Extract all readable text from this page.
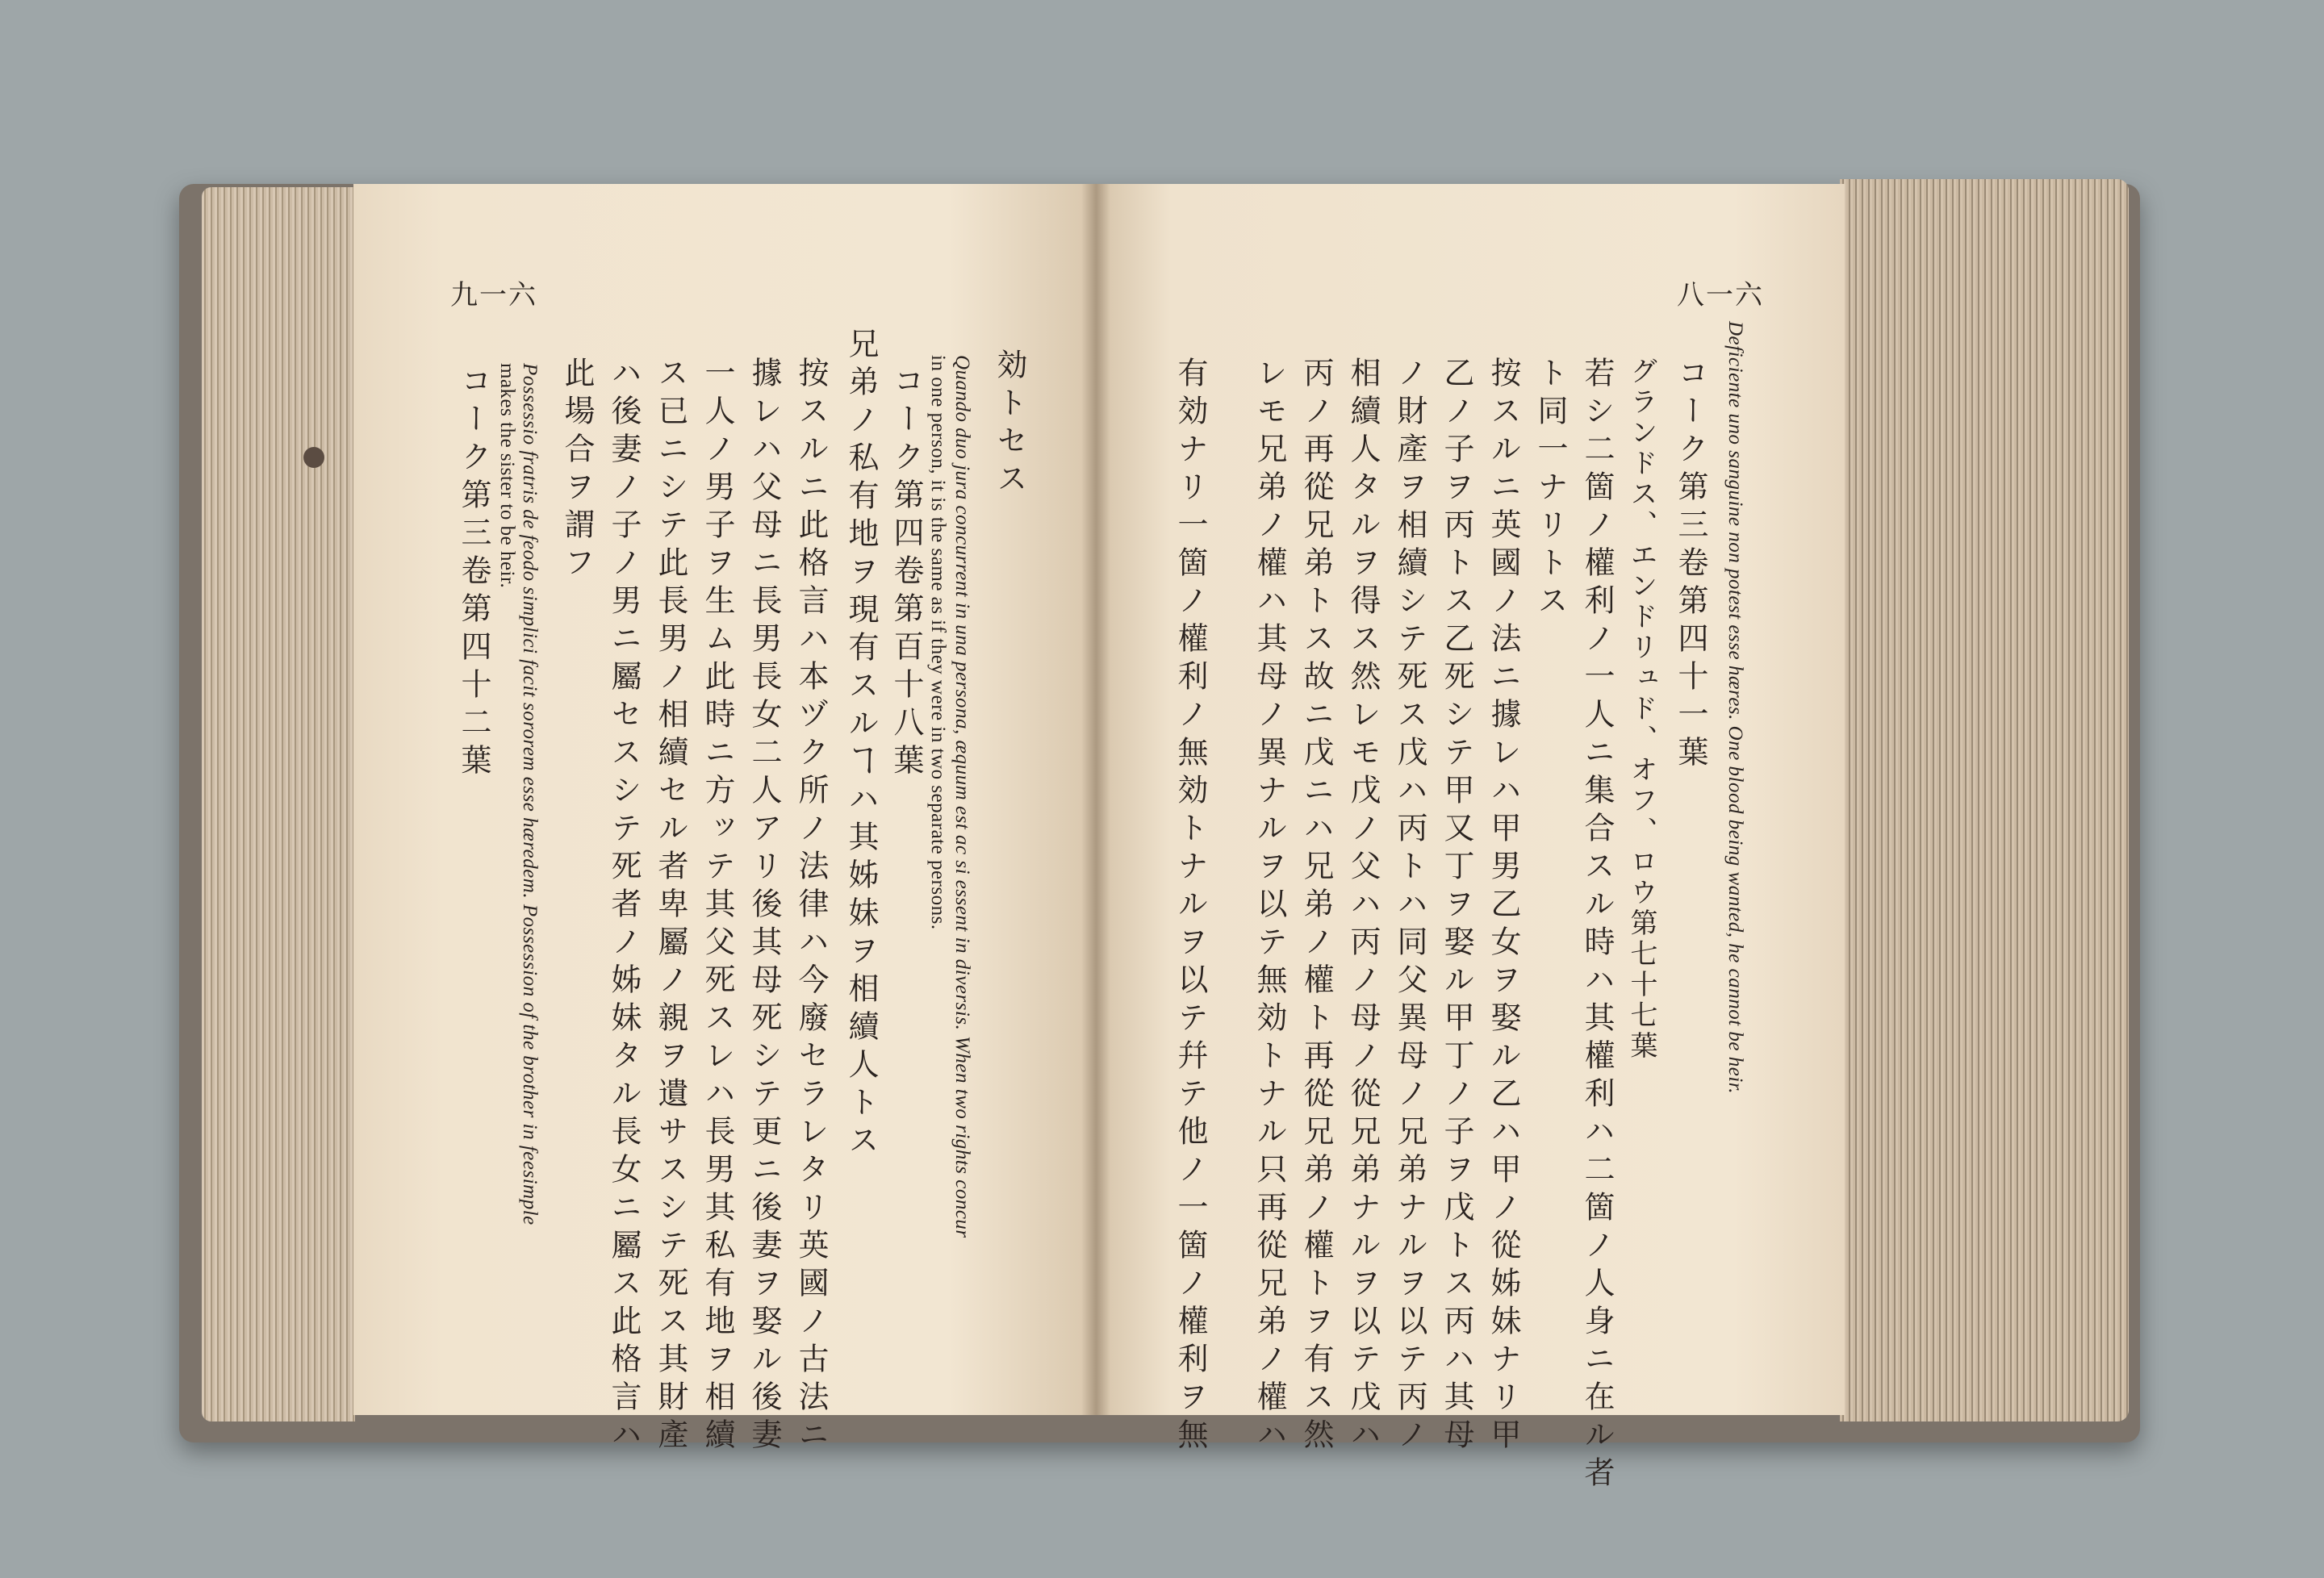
九一六	八一六
効トセス
Quando duo jura concurrent in una persona, æquum est ac si essent in diversis. When two rights concur
in one person, it is the same as if they were in two separate persons.
コーク第四卷第百十八葉
兄弟ノ私有地ヲ現有スルヿハ其姊妹ヲ相續人トス
按スルニ此格言ハ本ヅク所ノ法律ハ今廢セラレタリ英國ノ古法ニ
據レハ父母ニ長男長女二人アリ後其母死シテ更ニ後妻ヲ娶ル後妻
一人ノ男子ヲ生ム此時ニ方ッテ其父死スレハ長男其私有地ヲ相續
ス已ニシテ此長男ノ相續セル者卑屬ノ親ヲ遺サスシテ死ス其財產
ハ後妻ノ子ノ男ニ屬セスシテ死者ノ姊妹タル長女ニ屬ス此格言ハ
此場合ヲ謂フ
Possessio fratris de feodo simplici facit sororem esse hæredem. Possession of the brother in feesimple
makes the sister to be heir.
コーク第三卷第四十二葉	Deficiente uno sanguine non potest esse hæres. One blood being wanted, he cannot be heir.
コーク第三卷第四十一葉
グランドス、エンドリュド、オフ、ロウ第七十七葉
若シ二箇ノ權利ノ一人ニ集合スル時ハ其權利ハ二箇ノ人身ニ在ル者
ト同一ナリトス
按スルニ英國ノ法ニ據レハ甲男乙女ヲ娶ル乙ハ甲ノ從姊妹ナリ甲
乙ノ子ヲ丙トス乙死シテ甲又丁ヲ娶ル甲丁ノ子ヲ戊トス丙ハ其母
ノ財產ヲ相續シテ死ス戊ハ丙トハ同父異母ノ兄弟ナルヲ以テ丙ノ
相續人タルヲ得ス然レモ戊ノ父ハ丙ノ母ノ從兄弟ナルヲ以テ戊ハ
丙ノ再從兄弟トス故ニ戊ニハ兄弟ノ權ト再從兄弟ノ權トヲ有ス然
レモ兄弟ノ權ハ其母ノ異ナルヲ以テ無効トナル只再從兄弟ノ權ハ
有効ナリ一箇ノ權利ノ無効トナルヲ以テ幷テ他ノ一箇ノ權利ヲ無
